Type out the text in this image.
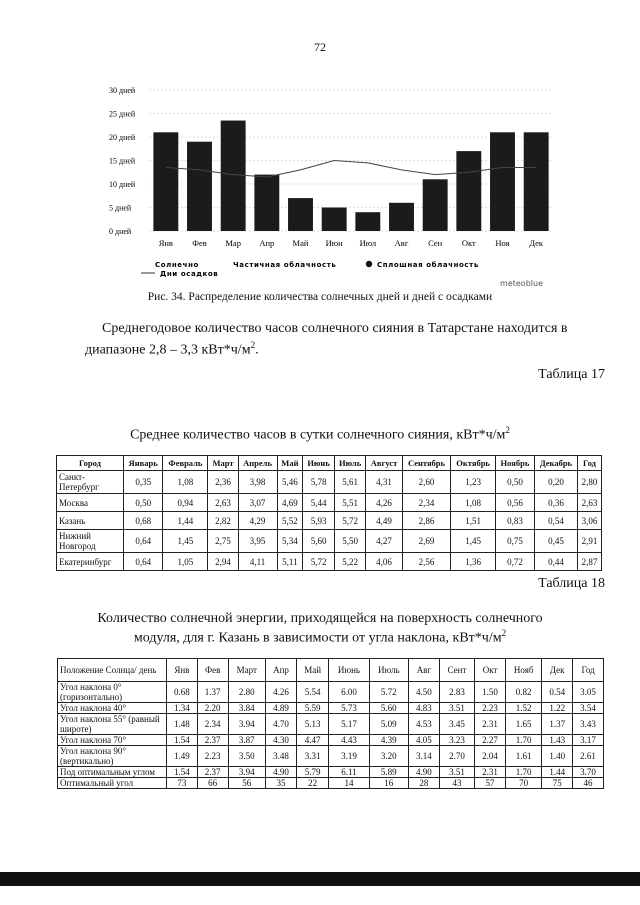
72
0 дней
5 дней
10 дней
15 дней
20 дней
25 дней
30 дней
Янв Фев Мар Апр Май Июн Июл Авг Сен Окт Ноя Дек
Солнечно	Частичная облачность	Сплошная облачность
Дни осадков
meteoblue
Рис. 34. Распределение количества солнечных дней и дней с осадками
Среднегодовое количество часов солнечного сияния в Татарстане находится в
диапазоне 2,8 – 3,3 $кВт*ч/м^2$.
Таблица 17
Среднее количество часов в сутки солнечного сияния, $кВт*ч/м^2$
Город	Январь	Февраль	Март	Апрель	Май	Июнь	Июль	Август	Сентябрь	Октябрь	Ноябрь	Декабрь	Год
Санкт-Петербург	0,35	1,08	2,36	3,98	5,46	5,78	5,61	4,31	2,60	1,23	0,50	0,20	2,80
Москва	0,50	0,94	2,63	3,07	4,69	5,44	5,51	4,26	2,34	1,08	0,56	0,36	2,63
Казань	0,68	1,44	2,82	4,29	5,52	5,93	5,72	4,49	2,86	1,51	0,83	0,54	3,06
Нижний Новгород	0,64	1,45	2,75	3,95	5,34	5,60	5,50	4,27	2,69	1,45	0,75	0,45	2,91
Екатеринбург	0,64	1,05	2,94	4,11	5,11	5,72	5,22	4,06	2,56	1,36	0,72	0,44	2,87
Таблица 18
Количество солнечной энергии, приходящейся на поверхность солнечного
модуля, для г. Казань в зависимости от угла наклона, $кВт*ч/м^2$
Положение Солнца/ день	Янв	Фев	Март	Апр	Май	Июнь	Июль	Авг	Сент	Окт	Нояб	Дек	Год
Угол наклона 0° (горизонтально)	0.68	1.37	2.80	4.26	5.54	6.00	5.72	4.50	2.83	1.50	0.82	0.54	3.05
Угол наклона 40°	1.34	2.20	3.84	4.89	5.59	5.73	5.60	4.83	3.51	2.23	1.52	1.22	3.54
Угол наклона 55° (равный широте)	1.48	2.34	3.94	4.70	5.13	5.17	5.09	4.53	3.45	2.31	1.65	1.37	3.43
Угол наклона 70°	1.54	2.37	3.87	4.30	4.47	4.43	4.39	4.05	3.23	2.27	1.70	1.43	3.17
Угол наклона 90° (вертикально)	1.49	2.23	3.50	3.48	3.31	3.19	3.20	3.14	2.70	2.04	1.61	1.40	2.61
Под оптимальным углом	1.54	2.37	3.94	4.90	5.79	6.11	5.89	4.90	3.51	2.31	1.70	1.44	3.70
Оптимальный угол	73	66	56	35	22	14	16	28	43	57	70	75	46
